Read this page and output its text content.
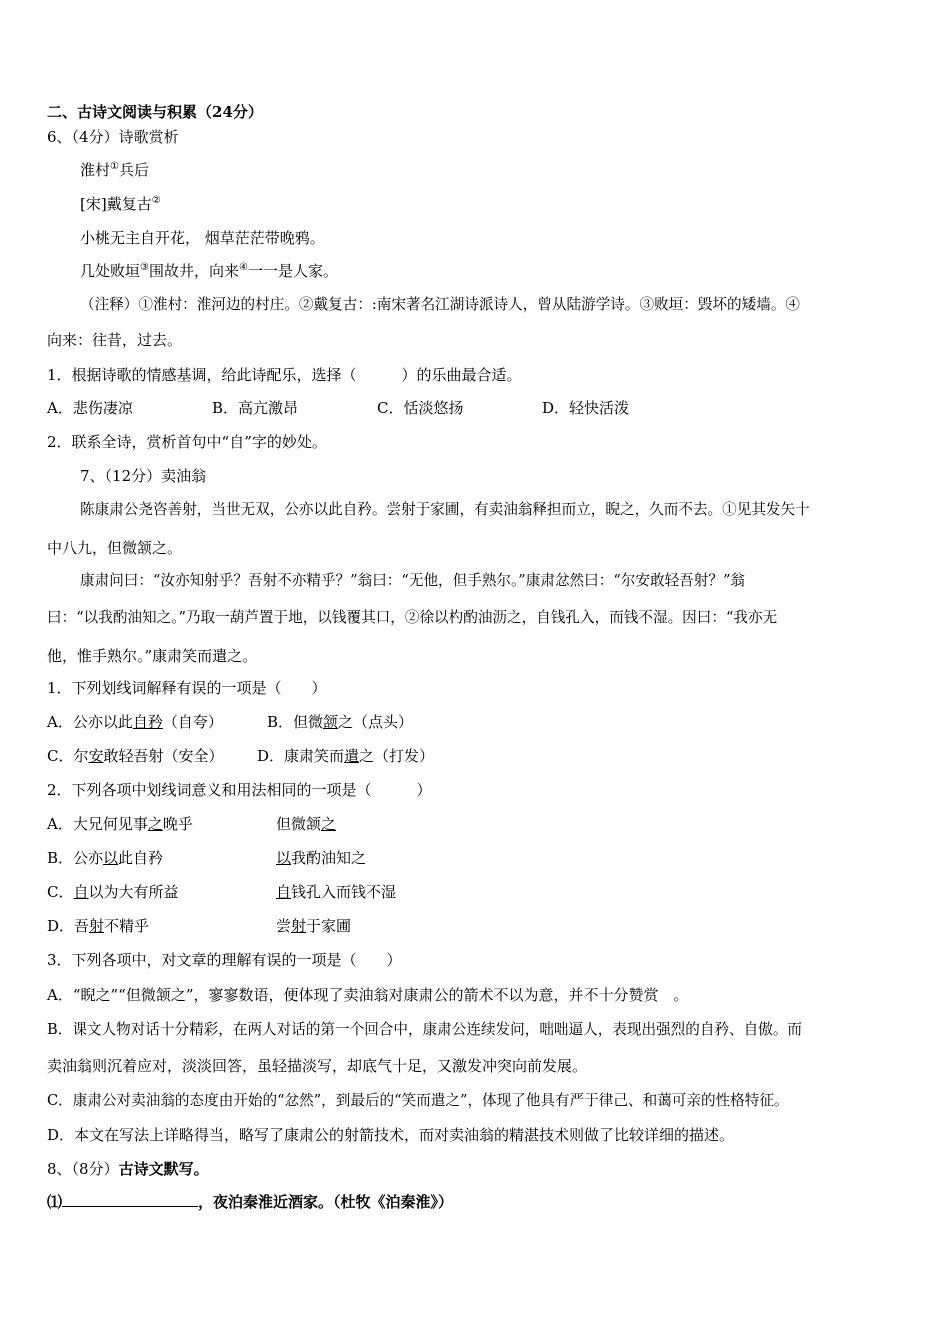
二、古诗文阅读与积累（24分）
6、（4分）诗歌赏析
淮村①兵后
[宋]戴复古②
小桃无主自开花， 烟草茫茫带晚鸦。
几处败垣③围故井，向来④一一是人家。
（注释）①淮村：淮河边的村庄。②戴复古：:南宋著名江湖诗派诗人，曾从陆游学诗。③败垣：毁坏的矮墙。④
向来：往昔，过去。
1．根据诗歌的情感基调，给此诗配乐，选择（　　　）的乐曲最合适。
A．悲伤凄凉	B．高亢激昂	C．恬淡悠扬	D．轻快活泼
2．联系全诗，赏析首句中“自”字的妙处。
7、（12分）卖油翁
陈康肃公尧咨善射，当世无双，公亦以此自矜。尝射于家圃，有卖油翁释担而立，睨之，久而不去。①见其发矢十
中八九，但微颔之。
康肃问曰：“汝亦知射乎？吾射不亦精乎？”翁曰：“无他，但手熟尔。”康肃忿然曰：“尔安敢轻吾射？”翁
曰：“以我酌油知之。”乃取一葫芦置于地，以钱覆其口，②徐以杓酌油沥之，自钱孔入，而钱不湿。因曰：“我亦无
他，惟手熟尔。”康肃笑而遣之。
1．下列划线词解释有误的一项是（　　）
A．公亦以此自矜（自夸）	B．但微颔之（点头）
C．尔安敢轻吾射（安全） D．康肃笑而遣之（打发）
2．下列各项中划线词意义和用法相同的一项是（　　　）
A．大兄何见事之晚乎	但微颔之
B．公亦以此自矜	以我酌油知之
C．自以为大有所益	自钱孔入而钱不湿
D．吾射不精乎	尝射于家圃
3．下列各项中，对文章的理解有误的一项是（　　）
A．“睨之”“但微颔之”，寥寥数语，便体现了卖油翁对康肃公的箭术不以为意，并不十分赞赏　。
B．课文人物对话十分精彩，在两人对话的第一个回合中，康肃公连续发问，咄咄逼人，表现出强烈的自矜、自傲。而
卖油翁则沉着应对，淡淡回答，虽轻描淡写，却底气十足，又激发冲突向前发展。
C．康肃公对卖油翁的态度由开始的“忿然”，到最后的“笑而遣之”，体现了他具有严于律己、和蔼可亲的性格特征。
D．本文在写法上详略得当，略写了康肃公的射箭技术，而对卖油翁的精湛技术则做了比较详细的描述。
8、（8分）古诗文默写。
⑴	，夜泊秦淮近酒家。（杜牧《泊秦淮》）
